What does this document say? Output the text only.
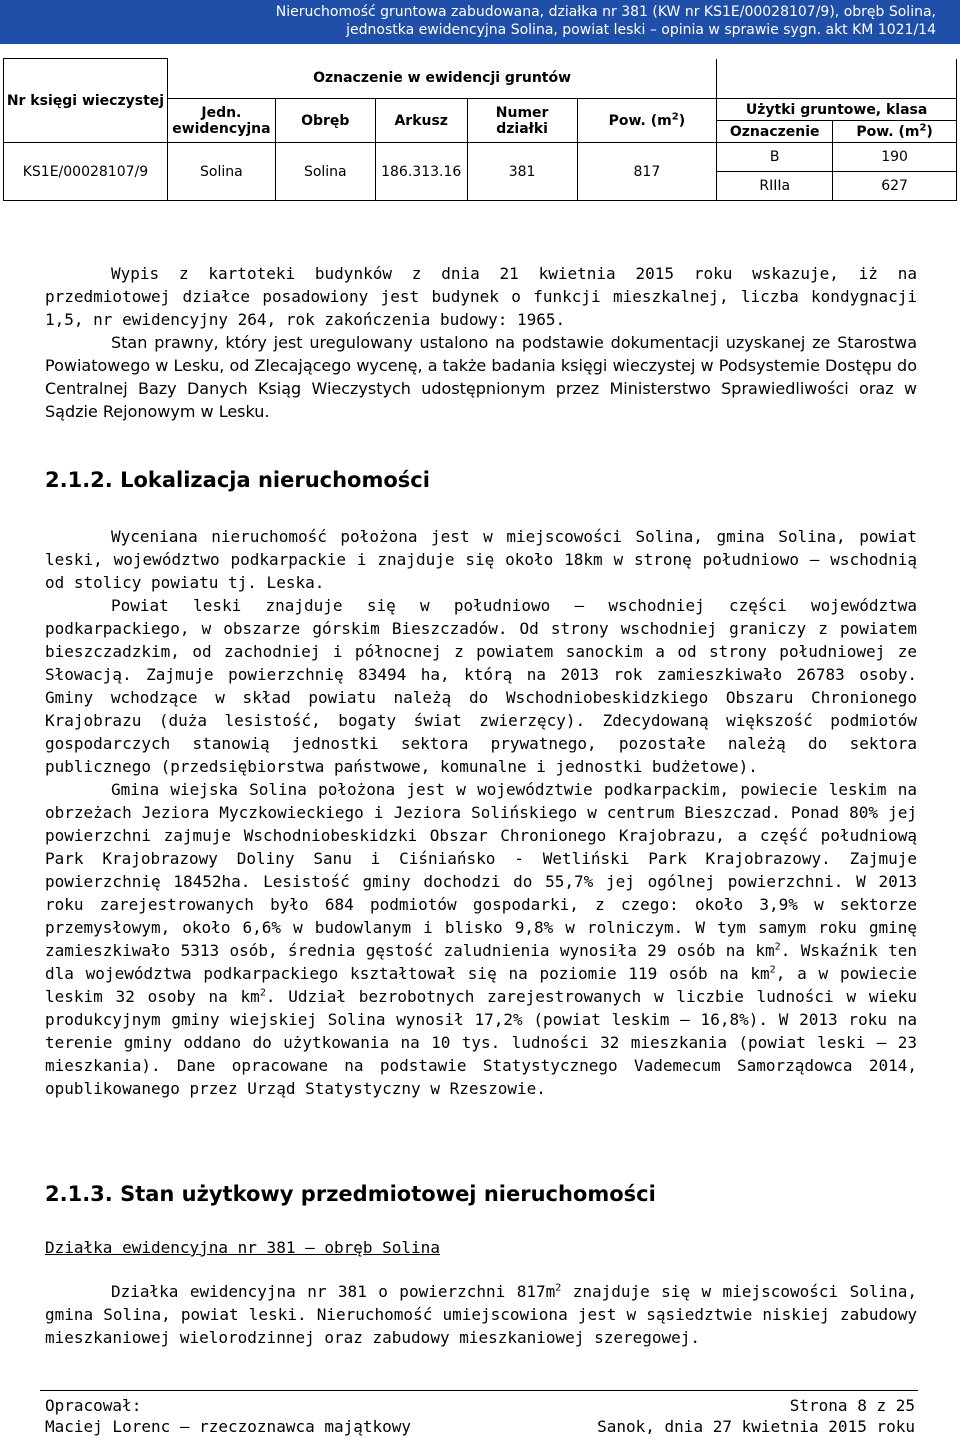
Nieruchomość gruntowa zabudowana, działka nr 381 (KW nr KS1E/00028107/9), obręb Solina,
jednostka ewidencyjna Solina, powiat leski – opinia w sprawie sygn. akt KM 1021/14
Nr księgi wieczystej	Oznaczenie w ewidencji gruntów						
	Jedn. ewidencyjna	Obręb	Arkusz	Numer działki	Pow. $(m^2)$	Użytki gruntowe, klasa	
						Oznaczenie	Pow. $(m^2)$
KS1E/00028107/9	Solina	Solina	186.313.16	381	817	B	190
						RIIIa	627

Wypis z kartoteki budynków z dnia 21 kwietnia 2015 roku wskazuje, iż na przedmiotowej działce posadowiony jest budynek o funkcji mieszkalnej, liczba kondygnacji 1,5, nr ewidencyjny 264, rok zakończenia budowy: 1965.

Stan prawny, który jest uregulowany ustalono na podstawie dokumentacji uzyskanej ze Starostwa Powiatowego w Lesku, od Zlecającego wycenę, a także badania księgi wieczystej w Podsystemie Dostępu do Centralnej Bazy Danych Ksiąg Wieczystych udostępnionym przez Ministerstwo Sprawiedliwości oraz w Sądzie Rejonowym w Lesku.

2.1.2. Lokalizacja nieruchomości

Wyceniana nieruchomość położona jest w miejscowości Solina, gmina Solina, powiat leski, województwo podkarpackie i znajduje się około 18km w stronę południowo – wschodnią od stolicy powiatu tj. Leska.

Powiat leski znajduje się w południowo – wschodniej części województwa podkarpackiego, w obszarze górskim Bieszczadów. Od strony wschodniej graniczy z powiatem bieszczadzkim, od zachodniej i północnej z powiatem sanockim a od strony południowej ze Słowacją. Zajmuje powierzchnię 83494 ha, którą na 2013 rok zamieszkiwało 26783 osoby. Gminy wchodzące w skład powiatu należą do Wschodniobeskidzkiego Obszaru Chronionego Krajobrazu (duża lesistość, bogaty świat zwierzęcy). Zdecydowaną większość podmiotów gospodarczych stanowią jednostki sektora prywatnego, pozostałe należą do sektora publicznego (przedsiębiorstwa państwowe, komunalne i jednostki budżetowe).

Gmina wiejska Solina położona jest w województwie podkarpackim, powiecie leskim na obrzeżach Jeziora Myczkowieckiego i Jeziora Solińskiego w centrum Bieszczad. Ponad 80% jej powierzchni zajmuje Wschodniobeskidzki Obszar Chronionego Krajobrazu, a część południową Park Krajobrazowy Doliny Sanu i Ciśniańsko - Wetliński Park Krajobrazowy. Zajmuje powierzchnię 18452ha. Lesistość gminy dochodzi do 55,7% jej ogólnej powierzchni. W 2013 roku zarejestrowanych było 684 podmiotów gospodarki, z czego: około 3,9% w sektorze przemysłowym, około 6,6% w budowlanym i blisko 9,8% w rolniczym. W tym samym roku gminę zamieszkiwało 5313 osób, średnia gęstość zaludnienia wynosiła 29 osób na $km^2$. Wskaźnik ten dla województwa podkarpackiego kształtował się na poziomie 119 osób na $km^2$, a w powiecie leskim 32 osoby na $km^2$. Udział bezrobotnych zarejestrowanych w liczbie ludności w wieku produkcyjnym gminy wiejskiej Solina wynosił 17,2% (powiat leskim – 16,8%). W 2013 roku na terenie gminy oddano do użytkowania na 10 tys. ludności 32 mieszkania (powiat leski – 23 mieszkania). Dane opracowane na podstawie Statystycznego Vademecum Samorządowca 2014, opublikowanego przez Urząd Statystyczny w Rzeszowie.

2.1.3. Stan użytkowy przedmiotowej nieruchomości
Działka ewidencyjna nr 381 – obręb Solina

Działka ewidencyjna nr 381 o powierzchni $817m^2$ znajduje się w miejscowości Solina, gmina Solina, powiat leski. Nieruchomość umiejscowiona jest w sąsiedztwie niskiej zabudowy mieszkaniowej wielorodzinnej oraz zabudowy mieszkaniowej szeregowej.

Opracował:	Strona 8 z 25
Maciej Lorenc – rzeczoznawca majątkowy	Sanok, dnia 27 kwietnia 2015 roku
